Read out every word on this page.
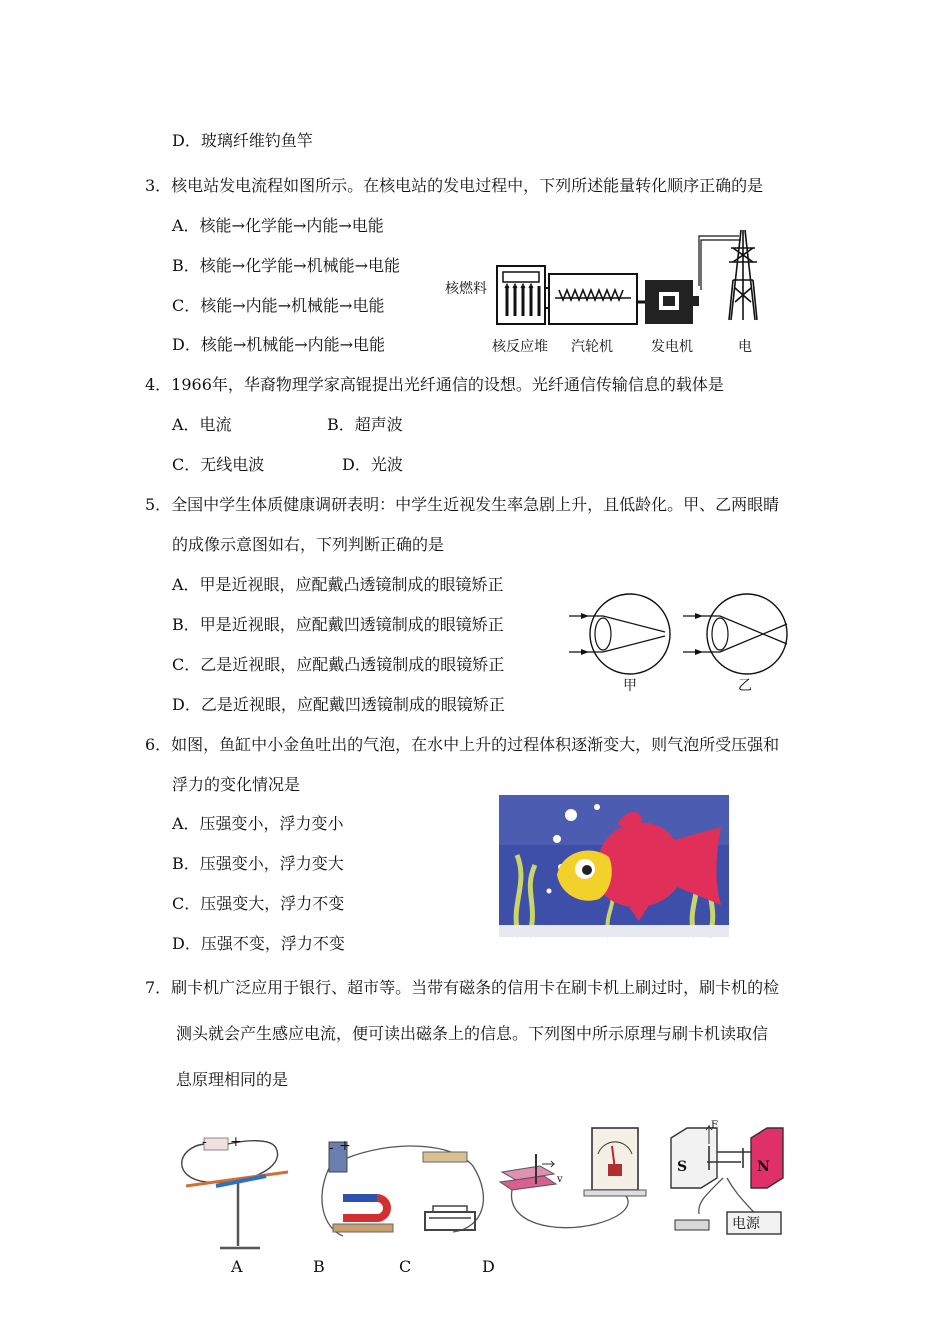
D．玻璃纤维钓鱼竿
3．核电站发电流程如图所示。在核电站的发电过程中，下列所述能量转化顺序正确的是
A．核能→化学能→内能→电能
B．核能→化学能→机械能→电能
C．核能→内能→机械能→电能
D．核能→机械能→内能→电能
核燃料
核反应堆 汽轮机	发电机	电
4．1966年，华裔物理学家高锟提出光纤通信的设想。光纤通信传输信息的载体是
A．电流	B．超声波
C．无线电波	D．光波
5．全国中学生体质健康调研表明：中学生近视发生率急剧上升，且低龄化。甲、乙两眼睛
的成像示意图如右，下列判断正确的是
A．甲是近视眼，应配戴凸透镜制成的眼镜矫正
B．甲是近视眼，应配戴凹透镜制成的眼镜矫正
C．乙是近视眼，应配戴凸透镜制成的眼镜矫正
D．乙是近视眼，应配戴凹透镜制成的眼镜矫正
甲	乙
6．如图，鱼缸中小金鱼吐出的气泡，在水中上升的过程体积逐渐变大，则气泡所受压强和
浮力的变化情况是
A．压强变小，浮力变小
B．压强变小，浮力变大
C．压强变大，浮力不变
D．压强不变，浮力不变
7．刷卡机广泛应用于银行、超市等。当带有磁条的信用卡在刷卡机上刷过时，刷卡机的检
测头就会产生感应电流，便可读出磁条上的信息。下列图中所示原理与刷卡机读取信
息原理相同的是
- +	- +
v
S	N
F
电源
A	B	C	D
